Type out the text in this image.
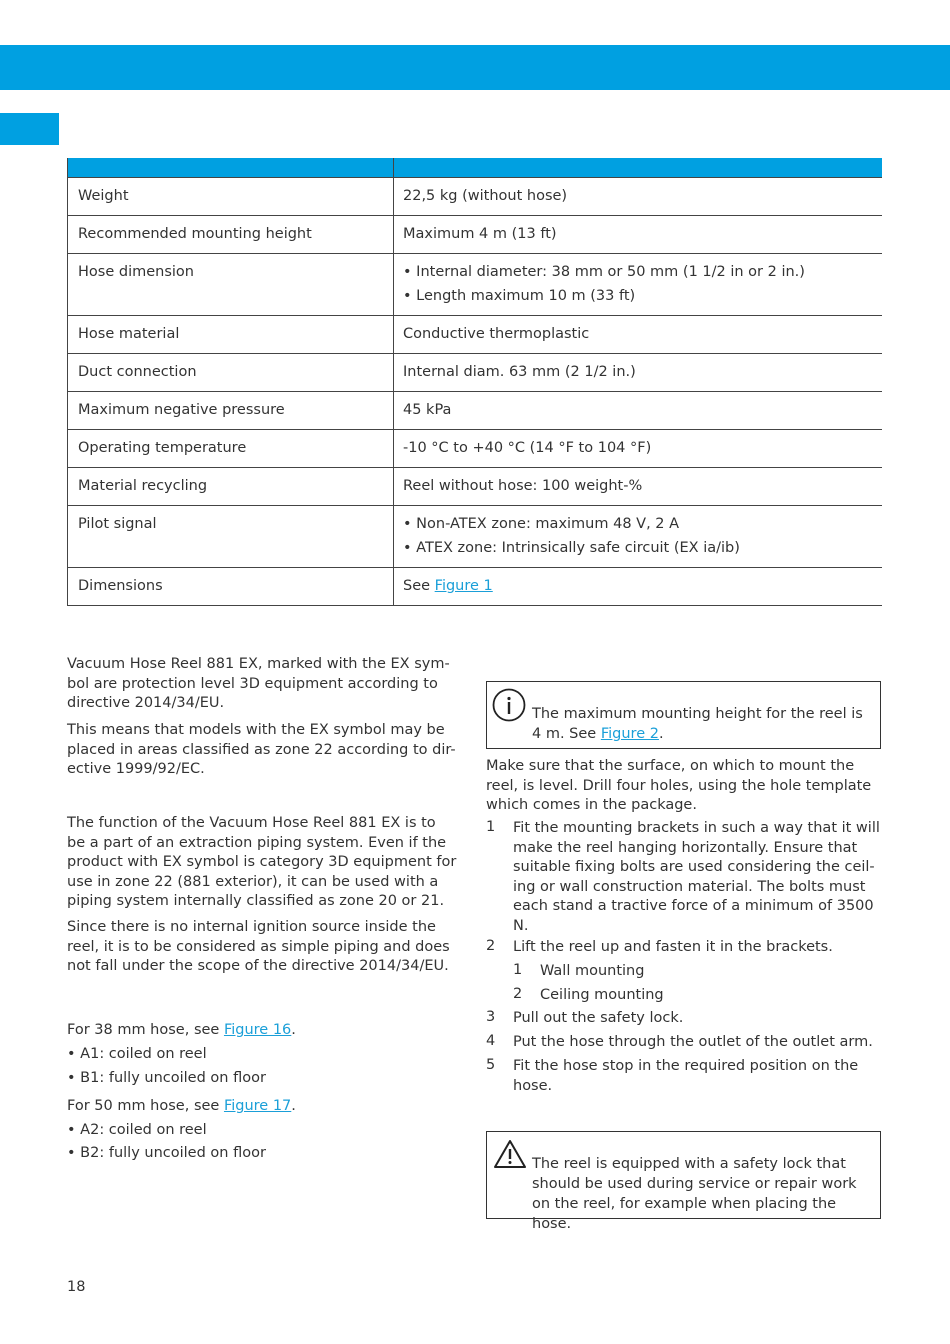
Weight	22,5 kg (without hose)
Recommended mounting height	Maximum 4 m (13 ft)
Hose dimension	• Internal diameter: 38 mm or 50 mm (1 1/2 in or 2 in.)
• Length maximum 10 m (33 ft)

Hose material	Conductive thermoplastic
Duct connection	Internal diam. 63 mm (2 1/2 in.)
Maximum negative pressure	45 kPa
Operating temperature	-10 °C to +40 °C (14 °F to 104 °F)
Material recycling	Reel without hose: 100 weight-%
Pilot signal	• Non-ATEX zone: maximum 48 V, 2 A
• ATEX zone: Intrinsically safe circuit (EX ia/ib)

Dimensions	See Figure 1

Vacuum Hose Reel 881 EX, marked with the EX sym-bol are protection level 3D equipment according to directive 2014/34/EU.

This means that models with the EX symbol may be placed in areas classified as zone 22 according to dir-ective 1999/92/EC.

The function of the Vacuum Hose Reel 881 EX is to be a part of an extraction piping system. Even if the product with EX symbol is category 3D equipment for use in zone 22 (881 exterior), it can be used with a piping system internally classified as zone 20 or 21.

Since there is no internal ignition source inside the reel, it is to be considered as simple piping and does not fall under the scope of the directive 2014/34/EU.

For 38 mm hose, see Figure 16.
• A1: coiled on reel
• B1: fully uncoiled on floor
For 50 mm hose, see Figure 17.
• A2: coiled on reel
• B2: fully uncoiled on floor
The maximum mounting height for the reel is 4 m. See Figure 2.

Make sure that the surface, on which to mount the reel, is level. Drill four holes, using the hole template which comes in the package.

1 Fit the mounting brackets in such a way that it will make the reel hanging horizontally. Ensure that suitable fixing bolts are used considering the ceil-ing or wall construction material. The bolts must each stand a tractive force of a minimum of 3500 N.
2 Lift the reel up and fasten it in the brackets.
1 Wall mounting
2 Ceiling mounting
3 Pull out the safety lock.
4 Put the hose through the outlet of the outlet arm.
5 Fit the hose stop in the required position on the hose.
The reel is equipped with a safety lock that should be used during service or repair work on the reel, for example when placing the hose.
18
